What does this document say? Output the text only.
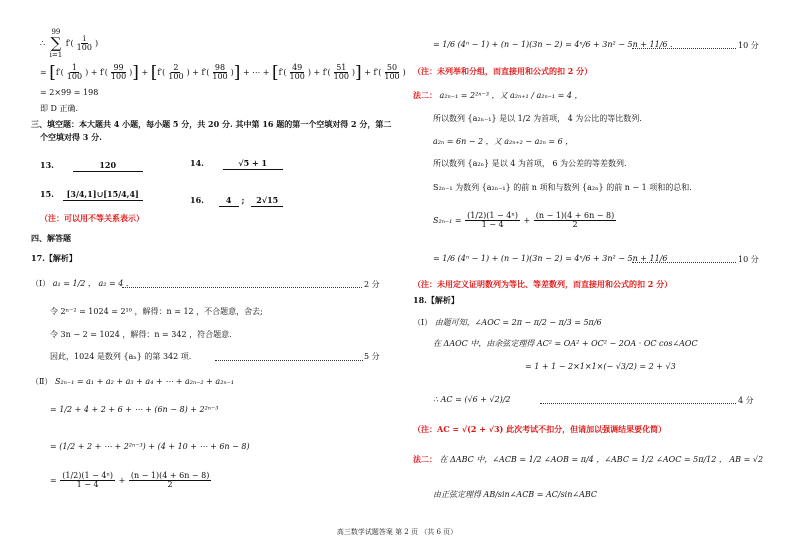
∴
99
∑
i=1
$f'( \frac{i}{100}$ )
= [$f'( \frac{1}{100}$ ) + $f'( \frac{99}{100}$ )] + [$f'( \frac{2}{100}$ ) + $f'( \frac{98}{100}$ )] + ⋯ + [$f'( \frac{49}{100}$ ) + $f'( \frac{51}{100}$ )] + $f'( \frac{50}{100}$ )
= 2×99 = 198
即 D 正确.
三、填空题：本大题共 4 小题，每小题 5 分，共 20 分. 其中第 16 题的第一个空填对得 2 分，第二
个空填对得 3 分.
13.	120	14.	√5 + 1
15. [3/4,1]∪[15/4,4]
16.	4 ; 2√15
（注：可以用不等关系表示）
四、解答题
17.【解析】
（Ⅰ） a₁ = 1/2 ， a₂ = 4 .	2 分
令 2ⁿ⁻² = 1024 = 2¹⁰ ，解得：n = 12 ，不合题意，舍去;
令 3n − 2 = 1024 ，解得：n = 342 ，符合题意.
因此，1024 是数列 {aₙ} 的第 342 项.	5 分
（Ⅱ） S₂ₙ₋₁ = a₁ + a₂ + a₃ + a₄ + ⋯ + a₂ₙ₋₂ + a₂ₙ₋₁
= 1/2 + 4 + 2 + 6 + ⋯ + (6n − 8) + 2²ⁿ⁻³
= (1/2 + 2 + ⋯ + 2²ⁿ⁻³) + (4 + 10 + ⋯ + 6n − 8)
= $\frac{\text{(1/2)(1 − 4ⁿ)}}{1 - 4} + \frac{(n - 1)(4 + 6n - 8)}{2}$
= 1/6 (4ⁿ − 1) + (n − 1)(3n − 2) = 4ⁿ/6 + 3n² − 5n + 11/6 .	10 分
（注：未列举和分组，而直接用和公式的扣 2 分）
法二： a₂ₙ₋₁ = 2²ⁿ⁻³ ，又 a₂ₙ₊₁ / a₂ₙ₋₁ = 4 ，
所以数列 {a₂ₙ₋₁} 是以 1/2 为首项， 4 为公比的等比数列.
a₂ₙ = 6n − 2 ，又 a₂ₙ₊₂ − a₂ₙ = 6 ，
所以数列 {a₂ₙ} 是以 4 为首项， 6 为公差的等差数列.
S₂ₙ₋₁ 为数列 {a₂ₙ₋₁} 的前 n 项和与数列 {a₂ₙ} 的前 n − 1 项和的总和.
$S_{2n-1} = \frac{\text{(1/2)(1 − 4ⁿ)}}{1 - 4} + \frac{(n - 1)(4 + 6n - 8)}{2}$
= 1/6 (4ⁿ − 1) + (n − 1)(3n − 2) = 4ⁿ/6 + 3n² − 5n + 11/6	10 分
（注：未用定义证明数列为等比、等差数列，而直接用和公式的扣 2 分）
18.【解析】
（Ⅰ） 由题可知，∠AOC = 2π − π/2 − π/3 = 5π/6
在 ΔAOC 中，由余弦定理得 AC² = OA² + OC² − 2OA · OC cos∠AOC
= 1 + 1 − 2×1×1×(− √3/2) = 2 + √3
∴ AC = (√6 + √2)/2	4 分
（注：AC = √(2 + √3) 此次考试不扣分，但请加以强调结果要化简）
法二： 在 ΔABC 中，∠ACB = 1/2 ∠AOB = π/4 ，∠ABC = 1/2 ∠AOC = 5π/12 ， AB = √2
由正弦定理得 AB/sin∠ACB = AC/sin∠ABC
高三数学试题答案 第 2 页 （共 6 页）
